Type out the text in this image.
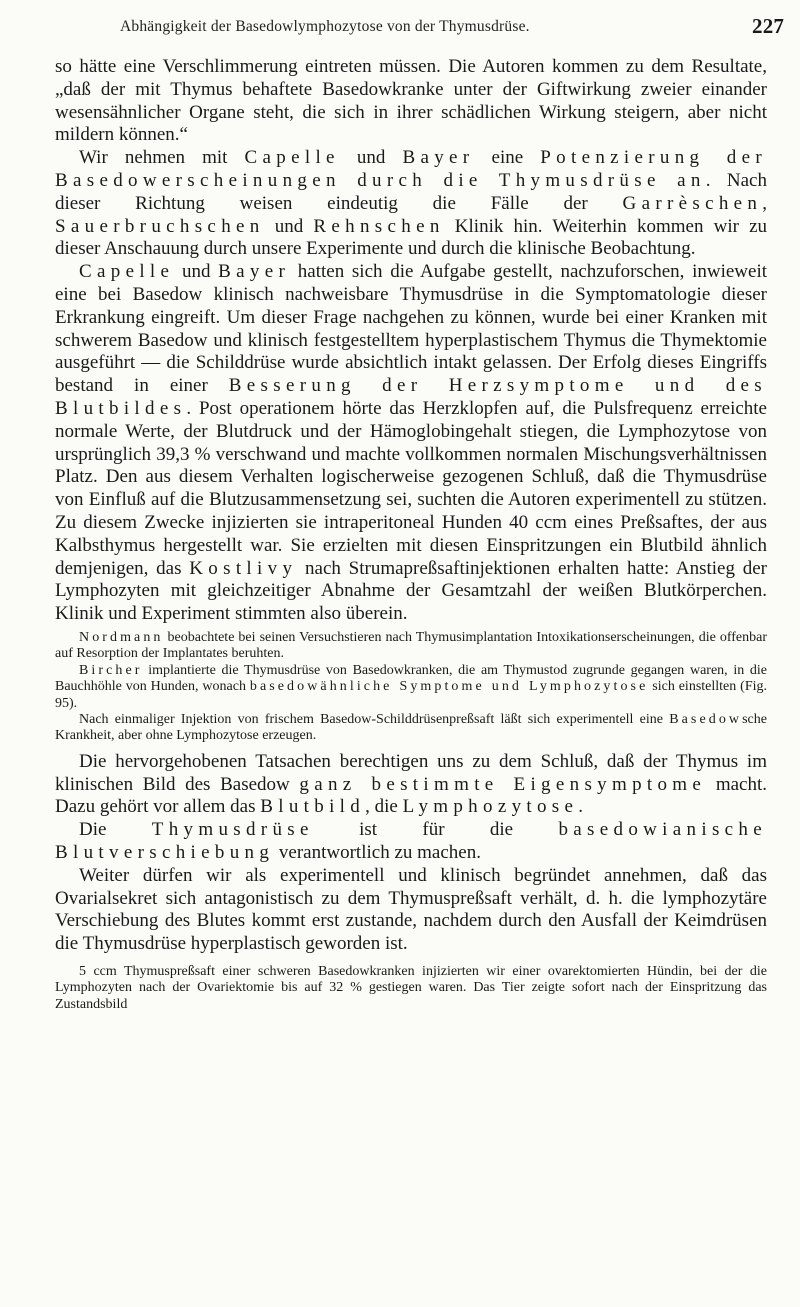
Abhängigkeit der Basedowlymphozytose von der Thymusdrüse.	227

so hätte eine Verschlimmerung eintreten müssen. Die Autoren kommen zu dem Resultate, „daß der mit Thymus behaftete Basedowkranke unter der Giftwirkung zweier einander wesensähnlicher Organe steht, die sich in ihrer schädlichen Wirkung steigern, aber nicht mildern können.“

Wir nehmen mit Capelle und Bayer eine Potenzierung der Basedowerscheinungen durch die Thymusdrüse an. Nach dieser Richtung weisen eindeutig die Fälle der Garrèschen, Sauerbruchschen und Rehnschen Klinik hin. Weiterhin kommen wir zu dieser Anschauung durch unsere Experimente und durch die klinische Beobachtung.

Capelle und Bayer hatten sich die Aufgabe gestellt, nachzuforschen, inwieweit eine bei Basedow klinisch nachweisbare Thymusdrüse in die Symptomatologie dieser Erkrankung eingreift. Um dieser Frage nachgehen zu können, wurde bei einer Kranken mit schwerem Basedow und klinisch festgestelltem hyperplastischem Thymus die Thymektomie ausgeführt — die Schilddrüse wurde absichtlich intakt gelassen. Der Erfolg dieses Eingriffs bestand in einer Besserung der Herzsymptome und des Blutbildes. Post operationem hörte das Herzklopfen auf, die Pulsfrequenz erreichte normale Werte, der Blutdruck und der Hämoglobingehalt stiegen, die Lymphozytose von ursprünglich 39,3 % verschwand und machte vollkommen normalen Mischungsverhältnissen Platz. Den aus diesem Verhalten logischerweise gezogenen Schluß, daß die Thymusdrüse von Einfluß auf die Blutzusammensetzung sei, suchten die Autoren experimentell zu stützen. Zu diesem Zwecke injizierten sie intraperitoneal Hunden 40 ccm eines Preßsaftes, der aus Kalbsthymus hergestellt war. Sie erzielten mit diesen Einspritzungen ein Blutbild ähnlich demjenigen, das Kostlivy nach Strumapreßsaftinjektionen erhalten hatte: Anstieg der Lymphozyten mit gleichzeitiger Abnahme der Gesamtzahl der weißen Blutkörperchen. Klinik und Experiment stimmten also überein.

Nordmann beobachtete bei seinen Versuchstieren nach Thymusimplantation Intoxikationserscheinungen, die offenbar auf Resorption der Implantates beruhten.

Bircher implantierte die Thymusdrüse von Basedowkranken, die am Thymustod zugrunde gegangen waren, in die Bauchhöhle von Hunden, wonach basedowähnliche Symptome und Lymphozytose sich einstellten (Fig. 95).

Nach einmaliger Injektion von frischem Basedow-Schilddrüsenpreßsaft läßt sich experimentell eine Basedowsche Krankheit, aber ohne Lymphozytose erzeugen.

Die hervorgehobenen Tatsachen berechtigen uns zu dem Schluß, daß der Thymus im klinischen Bild des Basedow ganz bestimmte Eigensymptome macht. Dazu gehört vor allem das Blutbild, die Lymphozytose.

Die Thymusdrüse ist für die basedowianische Blutverschiebung verantwortlich zu machen.

Weiter dürfen wir als experimentell und klinisch begründet annehmen, daß das Ovarialsekret sich antagonistisch zu dem Thymuspreßsaft verhält, d. h. die lymphozytäre Verschiebung des Blutes kommt erst zustande, nachdem durch den Ausfall der Keimdrüsen die Thymusdrüse hyperplastisch geworden ist.

5 ccm Thymuspreßsaft einer schweren Basedowkranken injizierten wir einer ovarektomierten Hündin, bei der die Lymphozyten nach der Ovariektomie bis auf 32 % gestiegen waren. Das Tier zeigte sofort nach der Einspritzung das Zustandsbild
